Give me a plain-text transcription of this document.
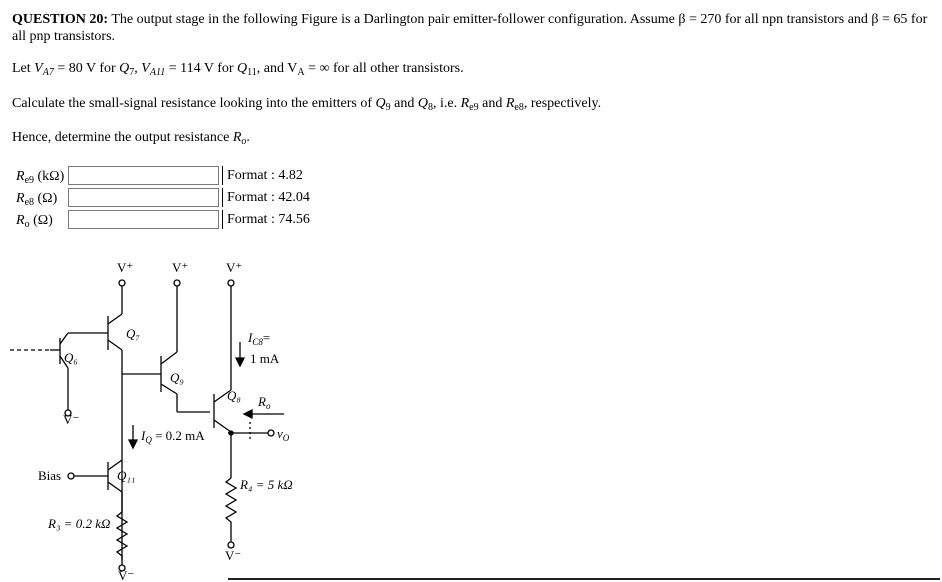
QUESTION 20: The output stage in the following Figure is a Darlington pair emitter-follower configuration. Assume β = 270 for all npn transistors and β = 65 for all pnp transistors.
Let $V_{A7} = 80$ V for $Q_7$, $V_{A11} = 114$ V for $Q_{11}$, and $V_A$ = ∞ for all other transistors.
Calculate the small-signal resistance looking into the emitters of $Q_9$ and $Q_8$, i.e. $R_{e9}$ and $R_{e8}$, respectively.
Hence, determine the output resistance $R_o$.
$R_{e9}$ (kΩ)	Format : 4.82
$R_{e8}$ (Ω)	Format : 42.04
$R_o$ (Ω)	Format : 74.56
V⁺	V⁺	V⁺
Q₇
Q₆
V⁻
Q₉
Q₈
$I_{C8}=$
1 mA
$R_o$
$I_Q = 0.2$ mA	$v_O$
V⁻
R₄ = 5 kΩ
Bias	Q₁₁
V⁻
R₃ = 0.2 kΩ
